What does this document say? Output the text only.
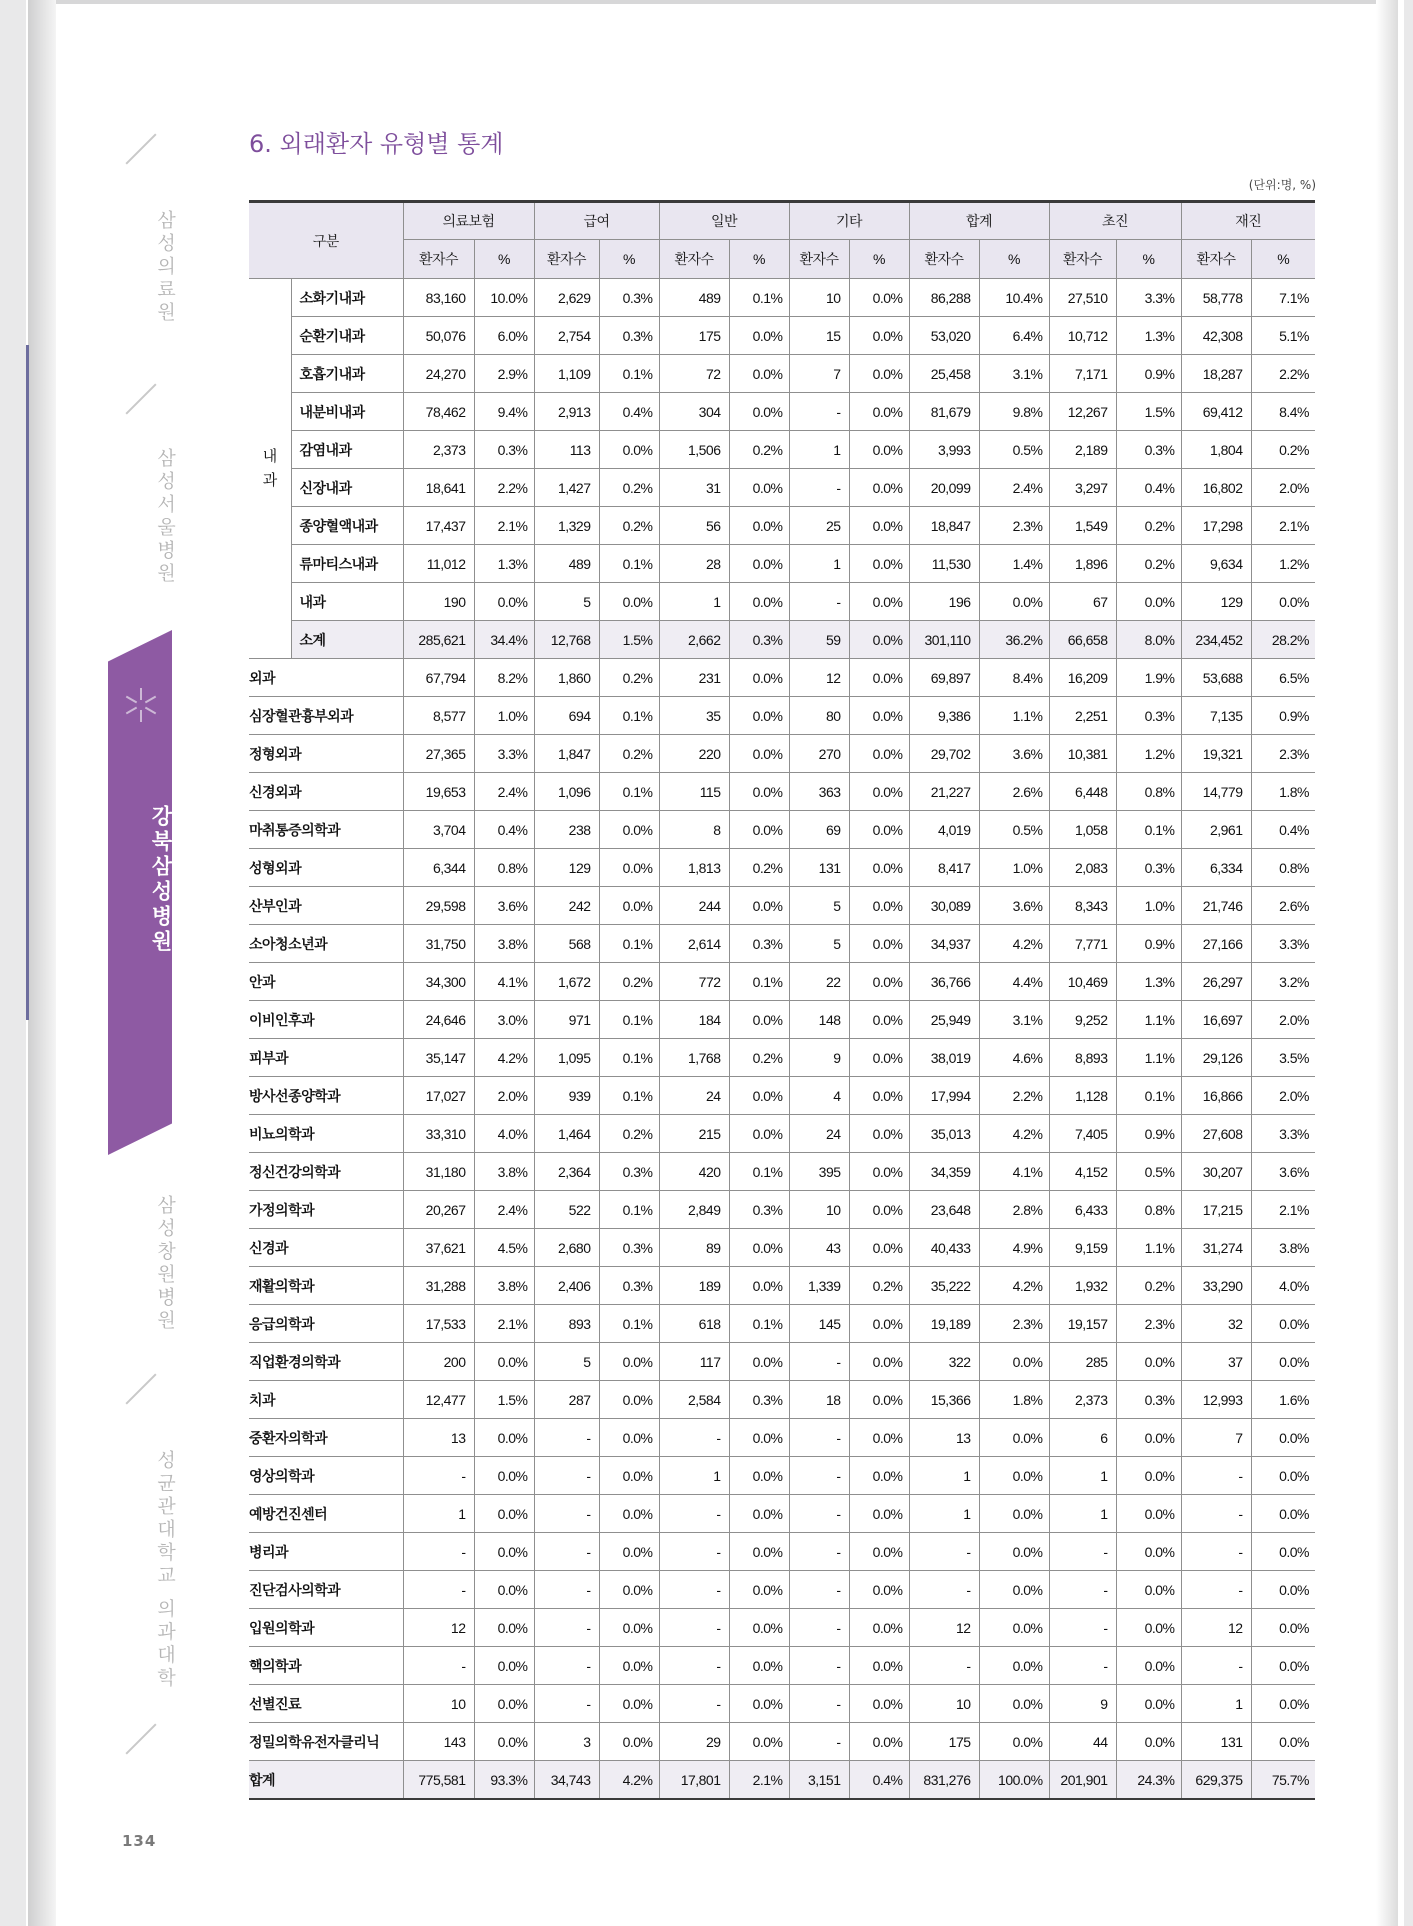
삼성의료원
삼성서울병원
강북삼성병원
삼성창원병원
성균관대학교 의과대학
134
6. 외래환자 유형별 통계
(단위:명, %)
구분		의료보험		급여		일반		기타		합계		초진		재진	
		환자수	%	환자수	%	환자수	%	환자수	%	환자수	%	환자수	%	환자수	%
내
과	소화기내과	83,160	10.0%	2,629	0.3%	489	0.1%	10	0.0%	86,288	10.4%	27,510	3.3%	58,778	7.1%
	순환기내과	50,076	6.0%	2,754	0.3%	175	0.0%	15	0.0%	53,020	6.4%	10,712	1.3%	42,308	5.1%
	호흡기내과	24,270	2.9%	1,109	0.1%	72	0.0%	7	0.0%	25,458	3.1%	7,171	0.9%	18,287	2.2%
	내분비내과	78,462	9.4%	2,913	0.4%	304	0.0%	-	0.0%	81,679	9.8%	12,267	1.5%	69,412	8.4%
	감염내과	2,373	0.3%	113	0.0%	1,506	0.2%	1	0.0%	3,993	0.5%	2,189	0.3%	1,804	0.2%
	신장내과	18,641	2.2%	1,427	0.2%	31	0.0%	-	0.0%	20,099	2.4%	3,297	0.4%	16,802	2.0%
	종양혈액내과	17,437	2.1%	1,329	0.2%	56	0.0%	25	0.0%	18,847	2.3%	1,549	0.2%	17,298	2.1%
	류마티스내과	11,012	1.3%	489	0.1%	28	0.0%	1	0.0%	11,530	1.4%	1,896	0.2%	9,634	1.2%
	내과	190	0.0%	5	0.0%	1	0.0%	-	0.0%	196	0.0%	67	0.0%	129	0.0%
	소계	285,621	34.4%	12,768	1.5%	2,662	0.3%	59	0.0%	301,110	36.2%	66,658	8.0%	234,452	28.2%
외과		67,794	8.2%	1,860	0.2%	231	0.0%	12	0.0%	69,897	8.4%	16,209	1.9%	53,688	6.5%
심장혈관흉부외과		8,577	1.0%	694	0.1%	35	0.0%	80	0.0%	9,386	1.1%	2,251	0.3%	7,135	0.9%
정형외과		27,365	3.3%	1,847	0.2%	220	0.0%	270	0.0%	29,702	3.6%	10,381	1.2%	19,321	2.3%
신경외과		19,653	2.4%	1,096	0.1%	115	0.0%	363	0.0%	21,227	2.6%	6,448	0.8%	14,779	1.8%
마취통증의학과		3,704	0.4%	238	0.0%	8	0.0%	69	0.0%	4,019	0.5%	1,058	0.1%	2,961	0.4%
성형외과		6,344	0.8%	129	0.0%	1,813	0.2%	131	0.0%	8,417	1.0%	2,083	0.3%	6,334	0.8%
산부인과		29,598	3.6%	242	0.0%	244	0.0%	5	0.0%	30,089	3.6%	8,343	1.0%	21,746	2.6%
소아청소년과		31,750	3.8%	568	0.1%	2,614	0.3%	5	0.0%	34,937	4.2%	7,771	0.9%	27,166	3.3%
안과		34,300	4.1%	1,672	0.2%	772	0.1%	22	0.0%	36,766	4.4%	10,469	1.3%	26,297	3.2%
이비인후과		24,646	3.0%	971	0.1%	184	0.0%	148	0.0%	25,949	3.1%	9,252	1.1%	16,697	2.0%
피부과		35,147	4.2%	1,095	0.1%	1,768	0.2%	9	0.0%	38,019	4.6%	8,893	1.1%	29,126	3.5%
방사선종양학과		17,027	2.0%	939	0.1%	24	0.0%	4	0.0%	17,994	2.2%	1,128	0.1%	16,866	2.0%
비뇨의학과		33,310	4.0%	1,464	0.2%	215	0.0%	24	0.0%	35,013	4.2%	7,405	0.9%	27,608	3.3%
정신건강의학과		31,180	3.8%	2,364	0.3%	420	0.1%	395	0.0%	34,359	4.1%	4,152	0.5%	30,207	3.6%
가정의학과		20,267	2.4%	522	0.1%	2,849	0.3%	10	0.0%	23,648	2.8%	6,433	0.8%	17,215	2.1%
신경과		37,621	4.5%	2,680	0.3%	89	0.0%	43	0.0%	40,433	4.9%	9,159	1.1%	31,274	3.8%
재활의학과		31,288	3.8%	2,406	0.3%	189	0.0%	1,339	0.2%	35,222	4.2%	1,932	0.2%	33,290	4.0%
응급의학과		17,533	2.1%	893	0.1%	618	0.1%	145	0.0%	19,189	2.3%	19,157	2.3%	32	0.0%
직업환경의학과		200	0.0%	5	0.0%	117	0.0%	-	0.0%	322	0.0%	285	0.0%	37	0.0%
치과		12,477	1.5%	287	0.0%	2,584	0.3%	18	0.0%	15,366	1.8%	2,373	0.3%	12,993	1.6%
중환자의학과		13	0.0%	-	0.0%	-	0.0%	-	0.0%	13	0.0%	6	0.0%	7	0.0%
영상의학과		-	0.0%	-	0.0%	1	0.0%	-	0.0%	1	0.0%	1	0.0%	-	0.0%
예방건진센터		1	0.0%	-	0.0%	-	0.0%	-	0.0%	1	0.0%	1	0.0%	-	0.0%
병리과		-	0.0%	-	0.0%	-	0.0%	-	0.0%	-	0.0%	-	0.0%	-	0.0%
진단검사의학과		-	0.0%	-	0.0%	-	0.0%	-	0.0%	-	0.0%	-	0.0%	-	0.0%
입원의학과		12	0.0%	-	0.0%	-	0.0%	-	0.0%	12	0.0%	-	0.0%	12	0.0%
핵의학과		-	0.0%	-	0.0%	-	0.0%	-	0.0%	-	0.0%	-	0.0%	-	0.0%
선별진료		10	0.0%	-	0.0%	-	0.0%	-	0.0%	10	0.0%	9	0.0%	1	0.0%
정밀의학유전자클리닉		143	0.0%	3	0.0%	29	0.0%	-	0.0%	175	0.0%	44	0.0%	131	0.0%
합계		775,581	93.3%	34,743	4.2%	17,801	2.1%	3,151	0.4%	831,276	100.0%	201,901	24.3%	629,375	75.7%
